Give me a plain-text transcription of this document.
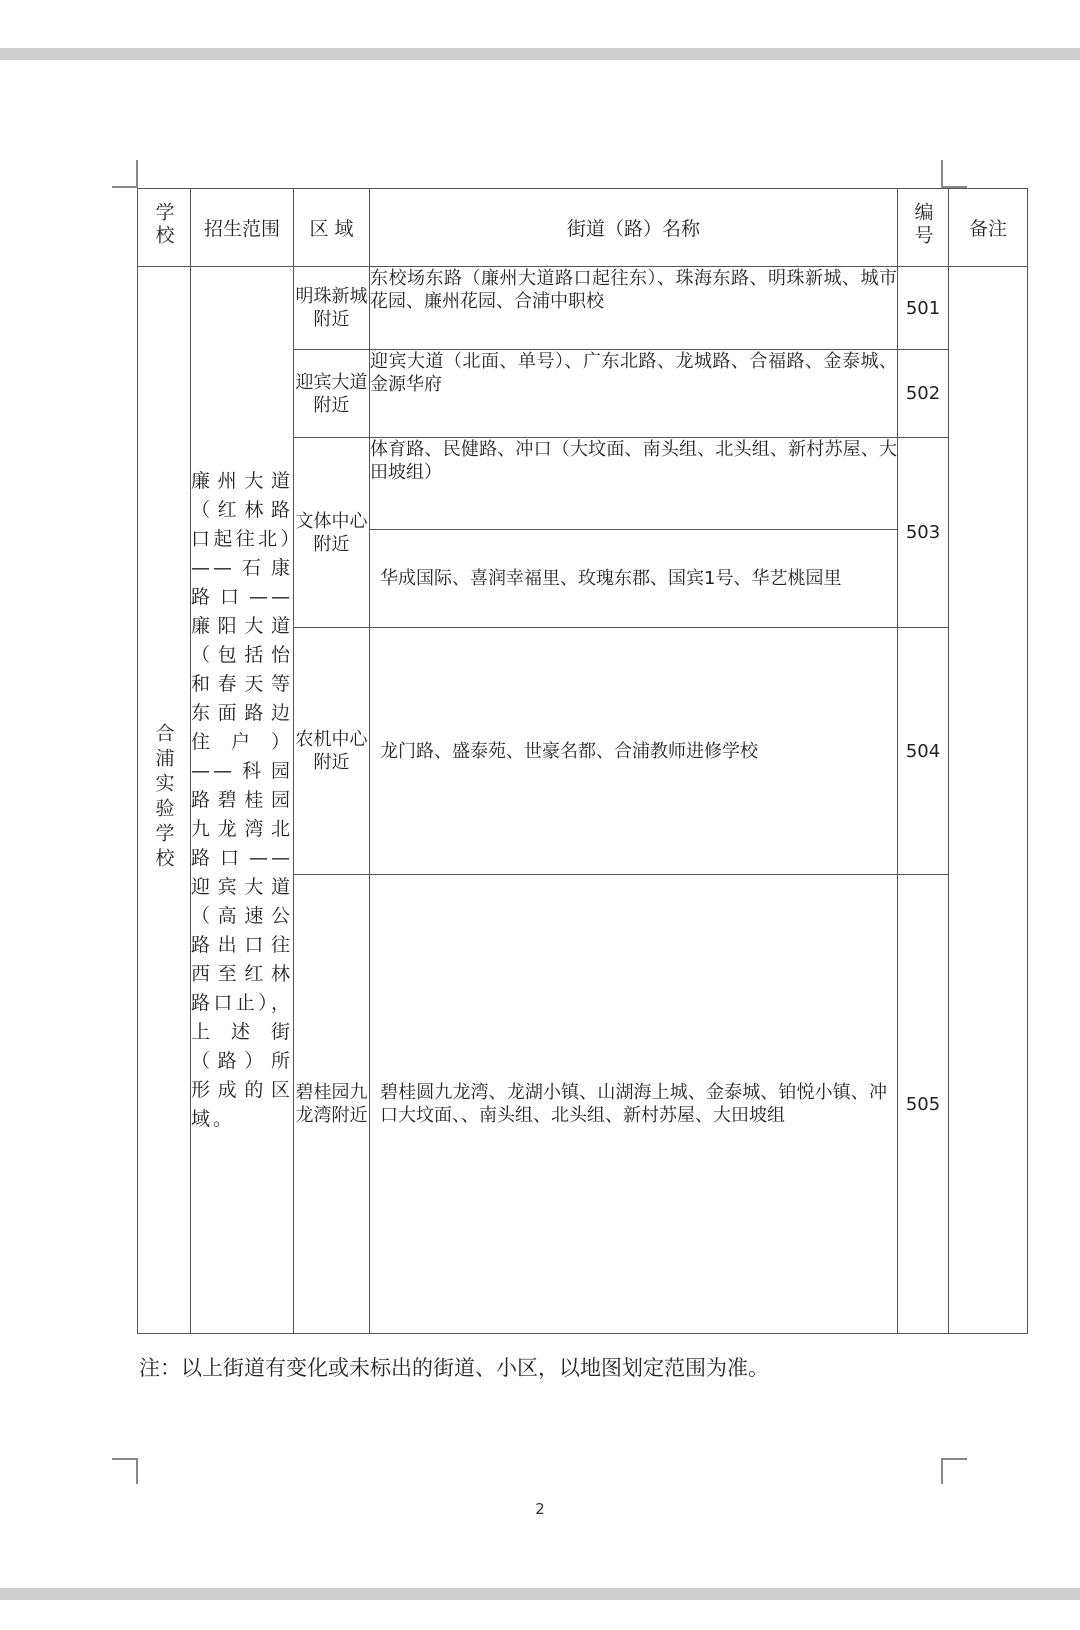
学校	招生范围	区 域	街道（路）名称	编号	备注
合浦实验学校	廉州大道（红林路口起往北）——石康路口——廉阳大道（包括怡和春天等东面路边住户）——科园路碧桂园九龙湾北路口——迎宾大道（高速公路出口往西至红林路口止），上述街（路）所形成的区域。	明珠新城附近	东校场东路（廉州大道路口起往东）、珠海东路、明珠新城、城市花园、廉州花园、合浦中职校	501	
		迎宾大道附近	迎宾大道（北面、单号）、广东北路、龙城路、合福路、金泰城、金源华府	502	
		文体中心附近	体育路、民健路、冲口（大坟面、南头组、北头组、新村苏屋、大田坡组）	503	
			华成国际、喜润幸福里、玫瑰东郡、国宾1号、华艺桃园里		
		农机中心附近	龙门路、盛泰苑、世豪名都、合浦教师进修学校	504	
		碧桂园九龙湾附近	碧桂圆九龙湾、龙湖小镇、山湖海上城、金泰城、铂悦小镇、冲口大坟面、、南头组、北头组、新村苏屋、大田坡组	505	
注：以上街道有变化或未标出的街道、小区，以地图划定范围为准。
2
